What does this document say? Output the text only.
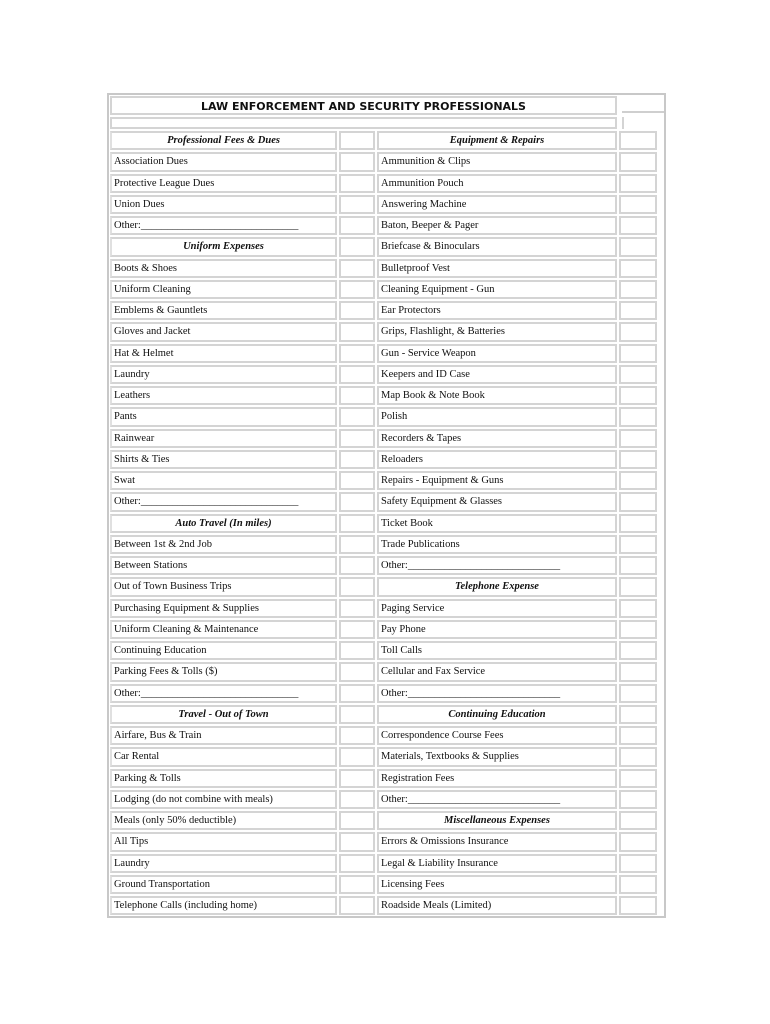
LAW ENFORCEMENT AND SECURITY PROFESSIONALS
Professional Fees & Dues	Equipment & Repairs
Association Dues	Ammunition & Clips
Protective League Dues	Ammunition Pouch
Union Dues	Answering Machine
Other:______________________________	Baton, Beeper & Pager
Uniform Expenses	Briefcase & Binoculars
Boots & Shoes	Bulletproof Vest
Uniform Cleaning	Cleaning Equipment - Gun
Emblems & Gauntlets	Ear Protectors
Gloves and Jacket	Grips, Flashlight, & Batteries
Hat & Helmet	Gun - Service Weapon
Laundry	Keepers and ID Case
Leathers	Map Book & Note Book
Pants	Polish
Rainwear	Recorders & Tapes
Shirts & Ties	Reloaders
Swat	Repairs - Equipment & Guns
Other:______________________________	Safety Equipment & Glasses
Auto Travel (In miles)	Ticket Book
Between 1st & 2nd Job	Trade Publications
Between Stations	Other:_____________________________
Out of Town Business Trips	Telephone Expense
Purchasing Equipment & Supplies	Paging Service
Uniform Cleaning & Maintenance	Pay Phone
Continuing Education	Toll Calls
Parking Fees & Tolls ($)	Cellular and Fax Service
Other:______________________________	Other:_____________________________
Travel - Out of Town	Continuing Education
Airfare, Bus & Train	Correspondence Course Fees
Car Rental	Materials, Textbooks & Supplies
Parking & Tolls	Registration Fees
Lodging (do not combine with meals)	Other:_____________________________
Meals (only 50% deductible)	Miscellaneous Expenses
All Tips	Errors & Omissions Insurance
Laundry	Legal & Liability Insurance
Ground Transportation	Licensing Fees
Telephone Calls (including home)	Roadside Meals (Limited)
